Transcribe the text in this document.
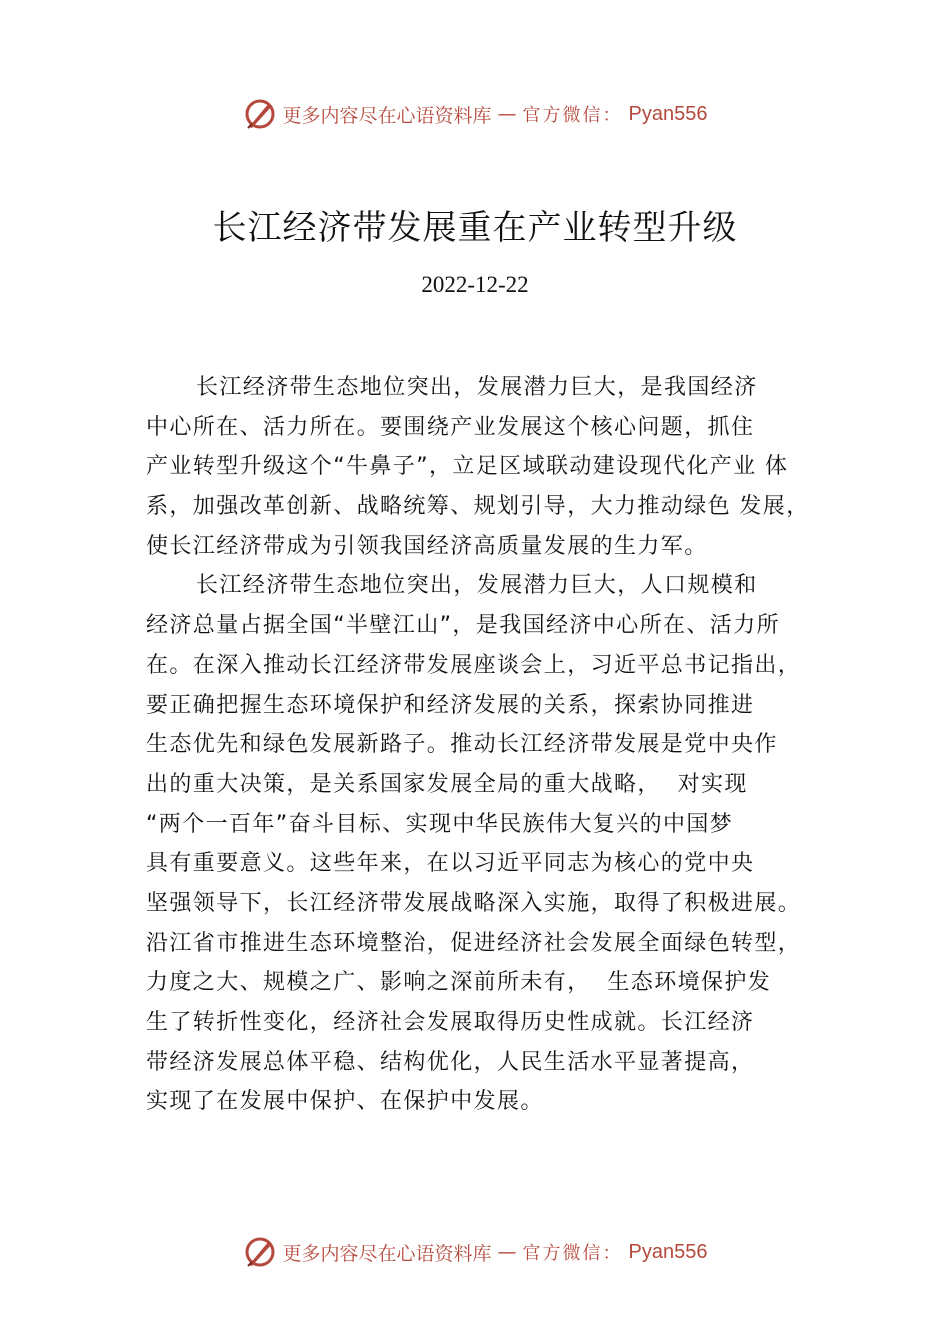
更多内容尽在心语资料库 — 官方微信： Pyan556
长江经济带发展重在产业转型升级
2022-12-22
长江经济带生态地位突出，发展潜力巨大，是我国经济
中心所在、活力所在。要围绕产业发展这个核心问题，抓住
产业转型升级这个“牛鼻子”，立足区域联动建设现代化产业 体
系，加强改革创新、战略统筹、规划引导，大力推动绿色 发展，
使长江经济带成为引领我国经济高质量发展的生力军。
长江经济带生态地位突出，发展潜力巨大，人口规模和
经济总量占据全国“半壁江山”，是我国经济中心所在、活力所
在。在深入推动长江经济带发展座谈会上，习近平总书记指出，
要正确把握生态环境保护和经济发展的关系，探索协同推进
生态优先和绿色发展新路子。推动长江经济带发展是党中央作
出的重大决策，是关系国家发展全局的重大战略，  对实现
“两个一百年”奋斗目标、实现中华民族伟大复兴的中国梦
具有重要意义。这些年来，在以习近平同志为核心的党中央
坚强领导下，长江经济带发展战略深入实施，取得了积极进展。
沿江省市推进生态环境整治，促进经济社会发展全面绿色转型，
力度之大、规模之广、影响之深前所未有，  生态环境保护发
生了转折性变化，经济社会发展取得历史性成就。长江经济
带经济发展总体平稳、结构优化，人民生活水平显著提高，
实现了在发展中保护、在保护中发展。
更多内容尽在心语资料库 — 官方微信： Pyan556
